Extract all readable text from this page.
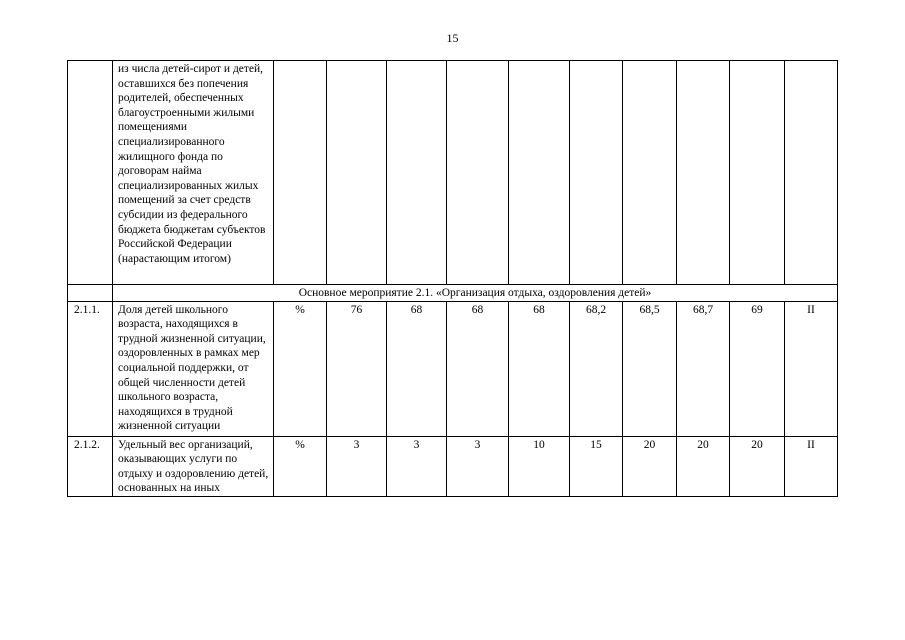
15
	из числа детей-сирот и детей, оставшихся без попечения родителей, обеспеченных благоустроенными жилыми помещениями специализированного жилищного фонда по договорам найма специализированных жилых помещений за счет средств субсидии из федерального бюджета бюджетам субъектов Российской Федерации (нарастающим итогом)										
	Основное мероприятие 2.1. «Организация отдыха, оздоровления детей»										
2.1.1.	Доля детей школьного возраста, находящихся в трудной жизненной ситуации, оздоровленных в рамках мер социальной поддержки, от общей численности детей школьного возраста, находящихся в трудной жизненной ситуации	%	76	68	68	68	68,2	68,5	68,7	69	II
2.1.2.	Удельный вес организаций, оказывающих услуги по отдыху и оздоровлению детей, основанных на иных	%	3	3	3	10	15	20	20	20	II
